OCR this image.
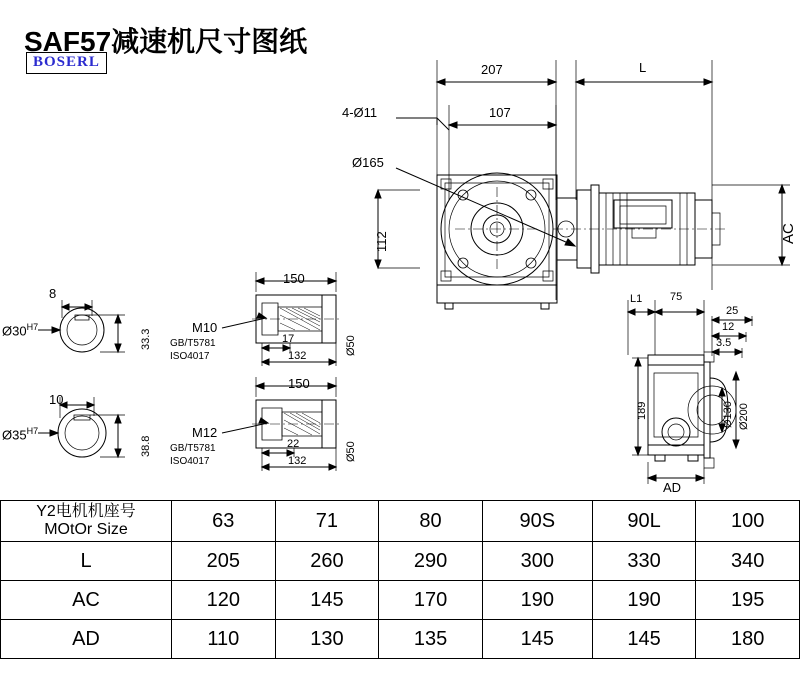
SAF57减速机尺寸图纸
BOSERL	207	L
107
4-Ø11
Ø165
112	AC
150
150
17
132
22
132
Ø50
Ø50
M10
GB/T5781
ISO4017
M12
GB/T5781
ISO4017
8
$Ø30^{H7}$
33.3
10
$Ø35^{H7}$
38.8
L1	75
25
12
3.5
189	Ø130 Ø200
AD
Y2电机机座号
MOtOr Size	63	71	80	90S	90L	100
L	205	260	290	300	330	340
AC	120	145	170	190	190	195
AD	110	130	135	145	145	180
